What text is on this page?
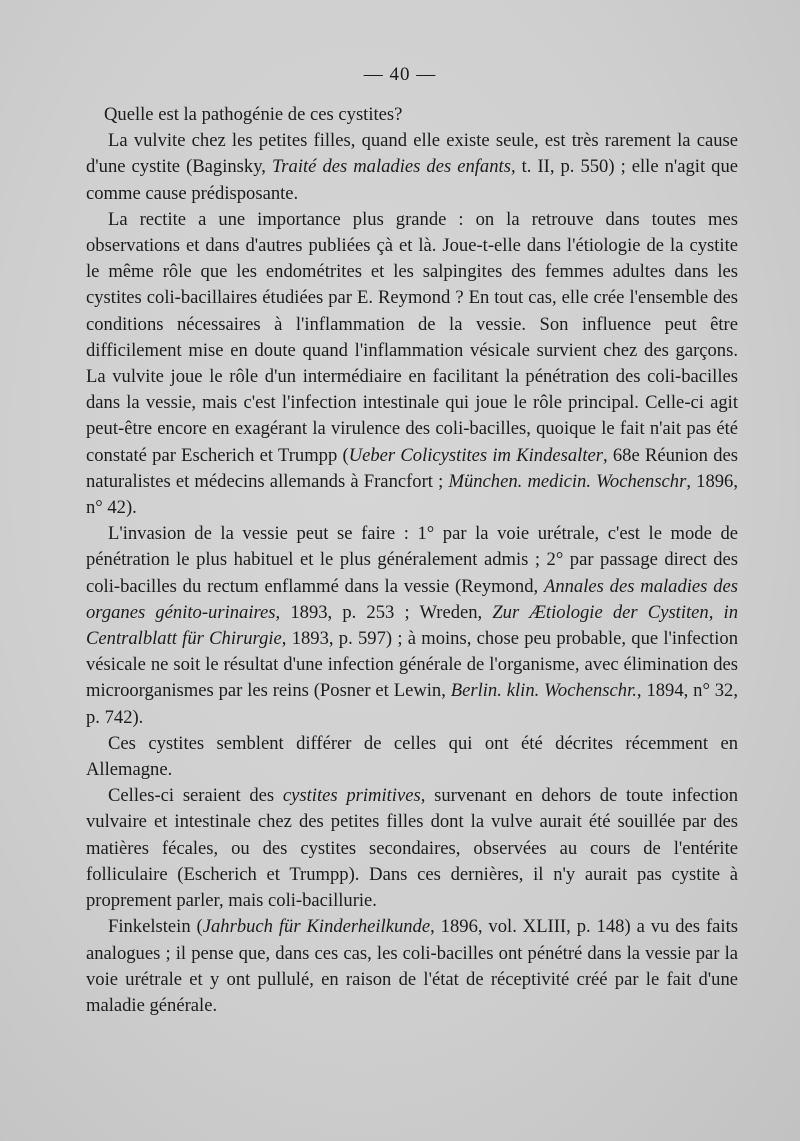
— 40 —

Quelle est la pathogénie de ces cystites?

La vulvite chez les petites filles, quand elle existe seule, est très rarement la cause d'une cystite (Baginsky, Traité des maladies des enfants, t. II, p. 550) ; elle n'agit que comme cause prédisposante.

La rectite a une importance plus grande : on la retrouve dans toutes mes observations et dans d'autres publiées çà et là. Joue-t-elle dans l'étiologie de la cystite le même rôle que les endométrites et les salpingites des femmes adultes dans les cystites coli-bacillaires étudiées par E. Reymond ? En tout cas, elle crée l'ensemble des conditions nécessaires à l'inflammation de la vessie. Son influence peut être difficilement mise en doute quand l'inflammation vésicale survient chez des garçons. La vulvite joue le rôle d'un intermédiaire en facilitant la pénétration des coli-bacilles dans la vessie, mais c'est l'infection intestinale qui joue le rôle principal. Celle-ci agit peut-être encore en exagérant la virulence des coli-bacilles, quoique le fait n'ait pas été constaté par Escherich et Trumpp (Ueber Colicystites im Kindesalter, 68e Réunion des naturalistes et médecins allemands à Francfort ; München. medicin. Wochenschr, 1896, n° 42).

L'invasion de la vessie peut se faire : 1° par la voie urétrale, c'est le mode de pénétration le plus habituel et le plus généralement admis ; 2° par passage direct des coli-bacilles du rectum enflammé dans la vessie (Reymond, Annales des maladies des organes génito-urinaires, 1893, p. 253 ; Wreden, Zur Ætiologie der Cystiten, in Centralblatt für Chirurgie, 1893, p. 597) ; à moins, chose peu probable, que l'infection vésicale ne soit le résultat d'une infection générale de l'organisme, avec élimination des microorganismes par les reins (Posner et Lewin, Berlin. klin. Wochenschr., 1894, n° 32, p. 742).

Ces cystites semblent différer de celles qui ont été décrites récemment en Allemagne.

Celles-ci seraient des cystites primitives, survenant en dehors de toute infection vulvaire et intestinale chez des petites filles dont la vulve aurait été souillée par des matières fécales, ou des cystites secondaires, observées au cours de l'entérite folliculaire (Escherich et Trumpp). Dans ces dernières, il n'y aurait pas cystite à proprement parler, mais coli-bacillurie.

Finkelstein (Jahrbuch für Kinderheilkunde, 1896, vol. XLIII, p. 148) a vu des faits analogues ; il pense que, dans ces cas, les coli-bacilles ont pénétré dans la vessie par la voie urétrale et y ont pullulé, en raison de l'état de réceptivité créé par le fait d'une maladie générale.
